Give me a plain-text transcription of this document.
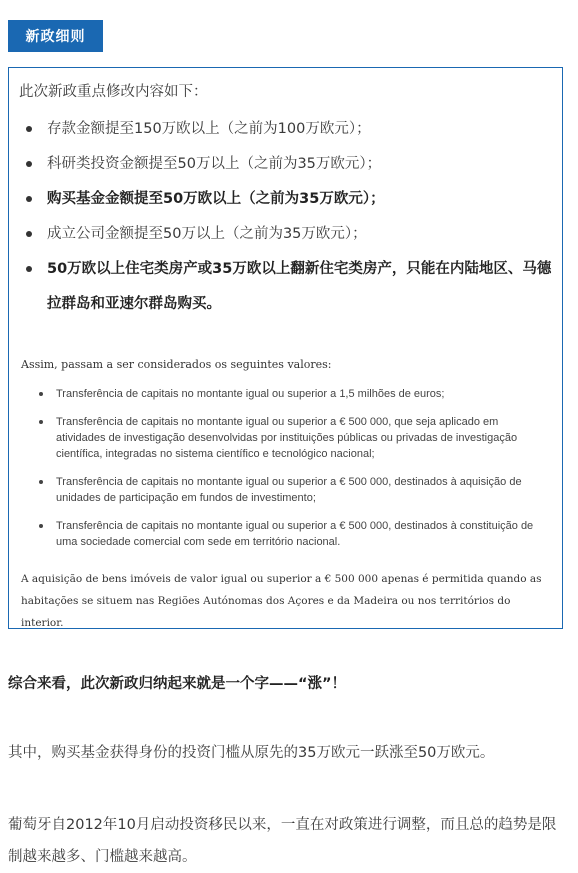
新政细则
此次新政重点修改内容如下：
存款金额提至150万欧以上（之前为100万欧元）；
科研类投资金额提至50万以上（之前为35万欧元）；
购买基金金额提至50万欧以上（之前为35万欧元）；
成立公司金额提至50万以上（之前为35万欧元）；
50万欧以上住宅类房产或35万欧以上翻新住宅类房产，只能在内陆地区、马德拉群岛和亚速尔群岛购买。
Assim, passam a ser considerados os seguintes valores:
Transferência de capitais no montante igual ou superior a 1,5 milhões de euros;
Transferência de capitais no montante igual ou superior a € 500 000, que seja aplicado em atividades de investigação desenvolvidas por instituições públicas ou privadas de investigação científica, integradas no sistema científico e tecnológico nacional;
Transferência de capitais no montante igual ou superior a € 500 000, destinados à aquisição de unidades de participação em fundos de investimento;
Transferência de capitais no montante igual ou superior a € 500 000, destinados à constituição de uma sociedade comercial com sede em território nacional.
A aquisição de bens imóveis de valor igual ou superior a € 500 000 apenas é permitida quando as habitações se situem nas Regiões Autónomas dos Açores e da Madeira ou nos territórios do interior.
综合来看，此次新政归纳起来就是一个字——“涨”！
其中，购买基金获得身份的投资门槛从原先的35万欧元一跃涨至50万欧元。
葡萄牙自2012年10月启动投资移民以来，一直在对政策进行调整，而且总的趋势是限制越来越多、门槛越来越高。
